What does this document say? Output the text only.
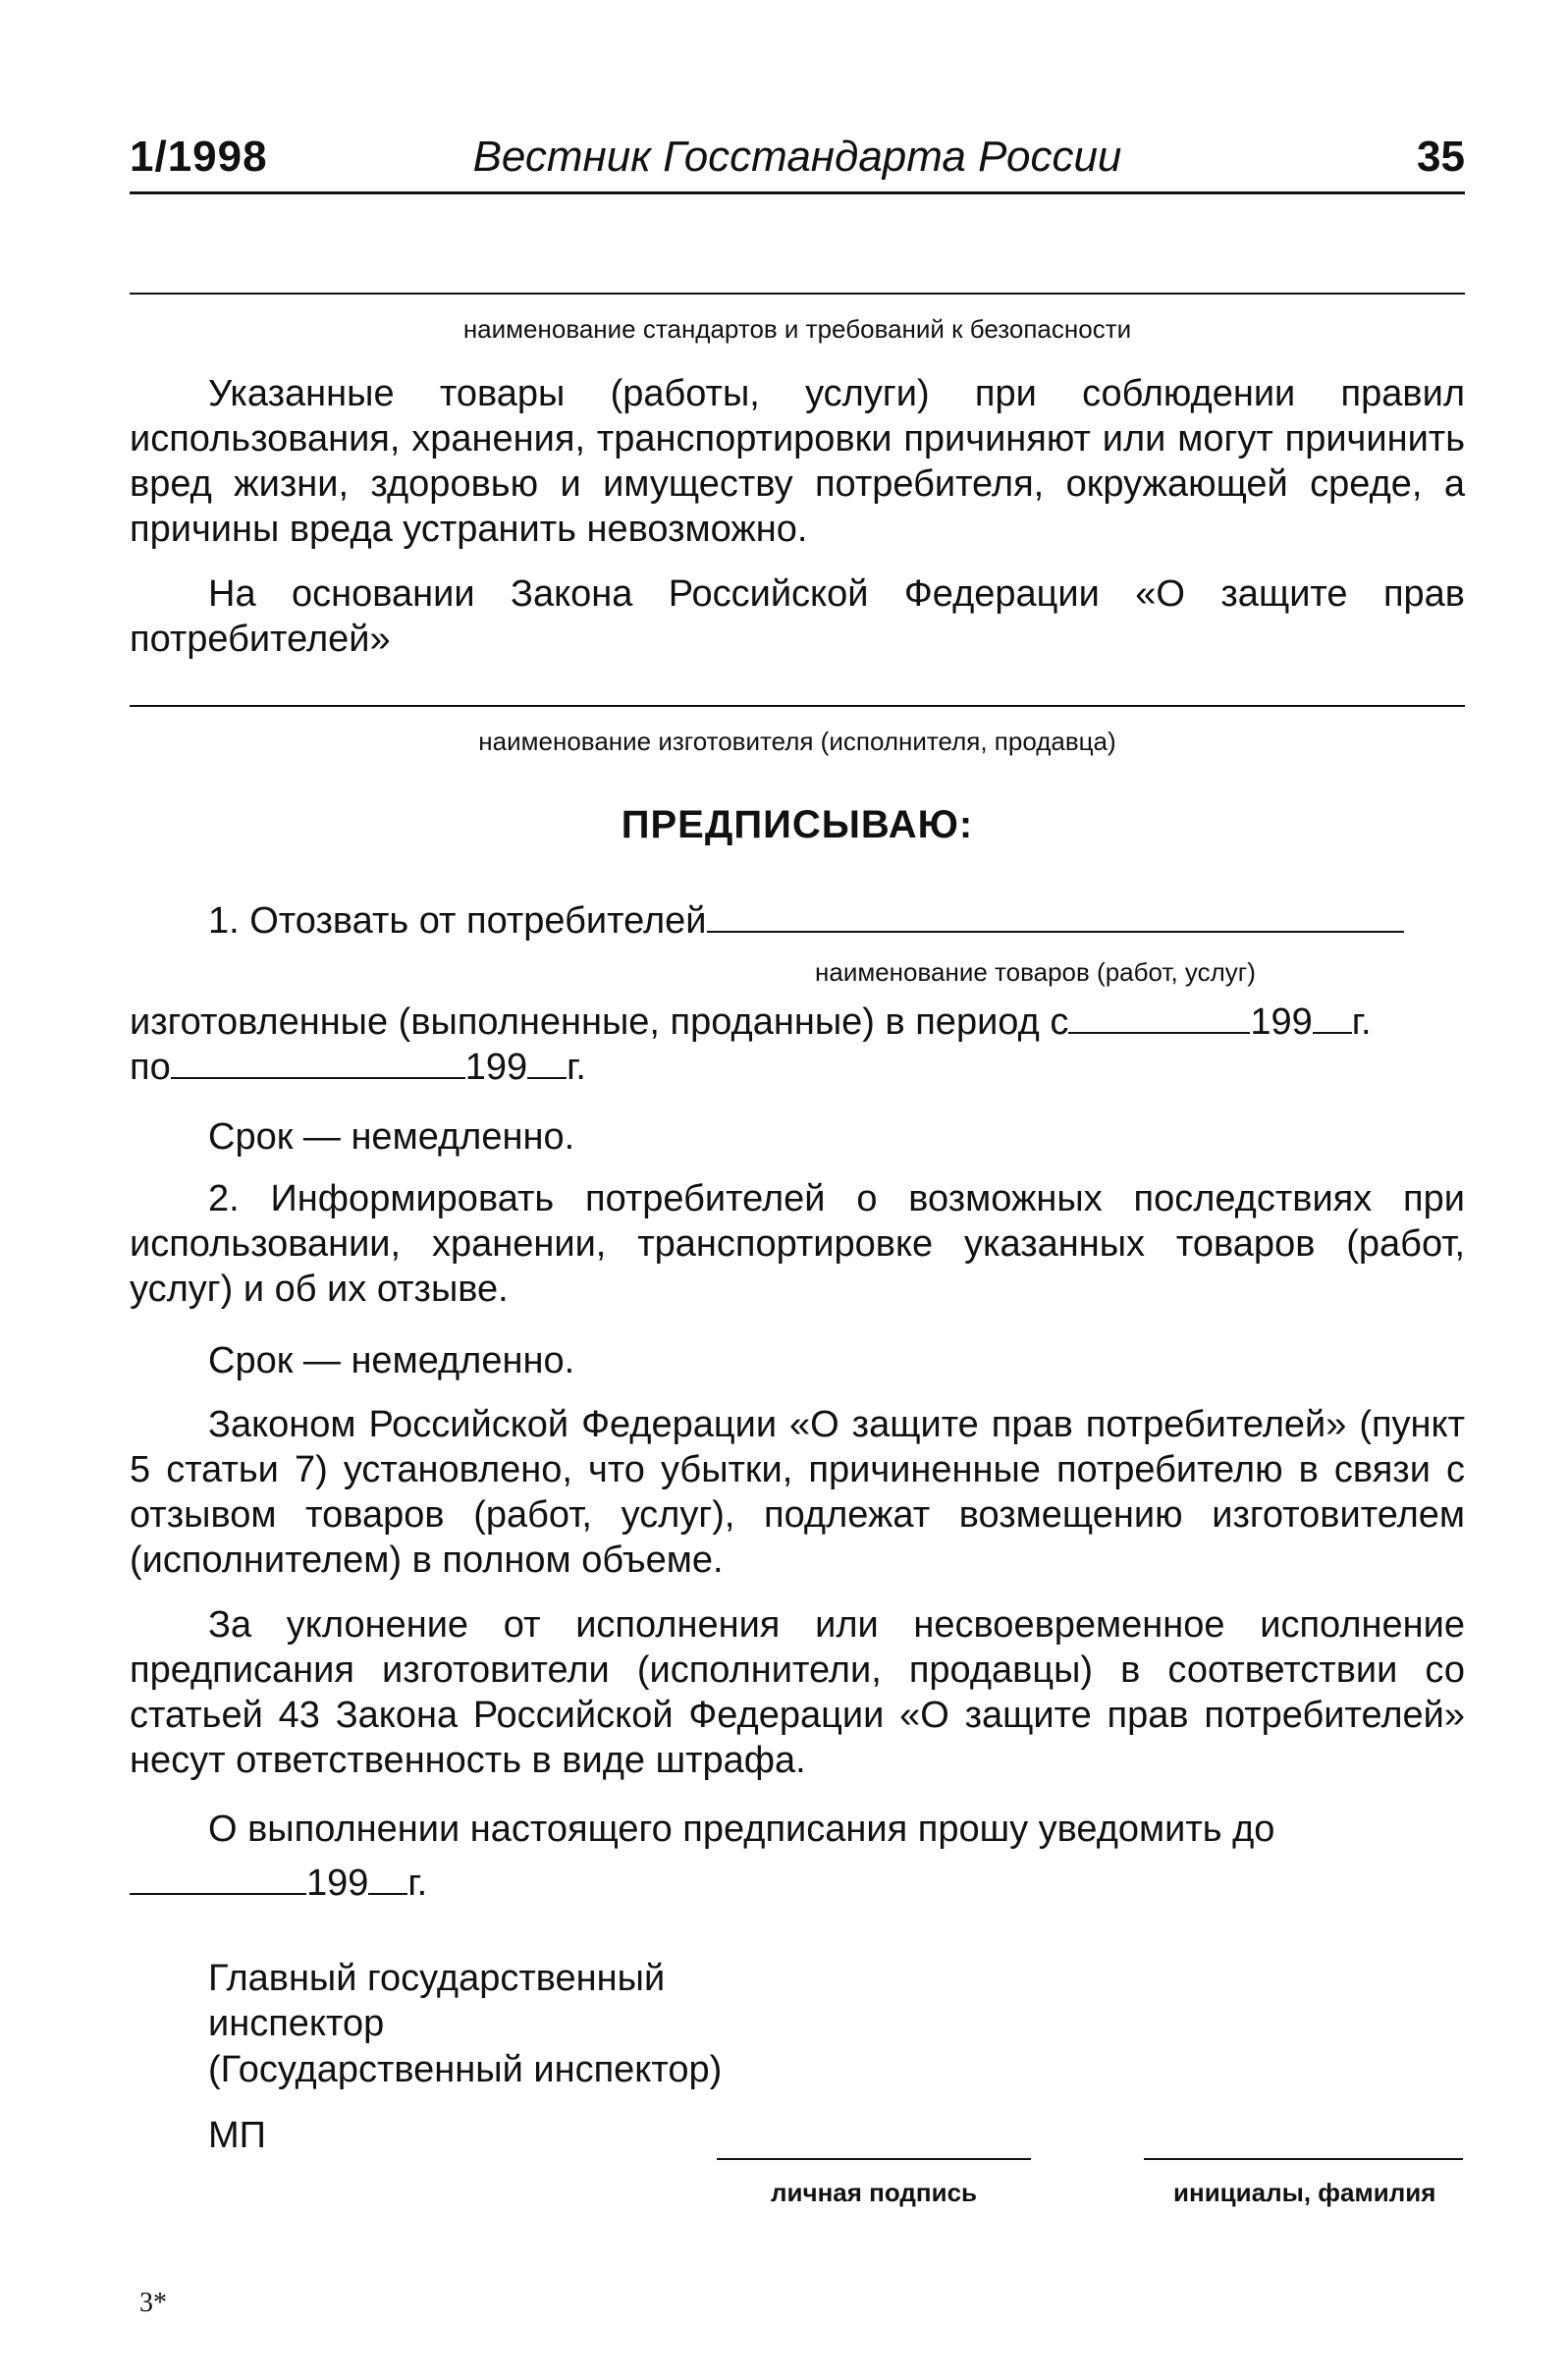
1/1998	Вестник Госстандарта России	35
наименование стандартов и требований к безопасности
Указанные товары (работы, услуги) при соблюдении правил использования, хранения, транспортировки причиняют или могут причинить вред жизни, здоровью и имуществу потребителя, окружающей среде, а причины вреда устранить невозможно.
На основании Закона Российской Федерации «О защите прав потребителей»
наименование изготовителя (исполнителя, продавца)
ПРЕДПИСЫВАЮ:
1. Отозвать от потребителей
наименование товаров (работ, услуг)
изготовленные (выполненные, проданные) в период с	199 г.
по	199 г.
Срок — немедленно.
2. Информировать потребителей о возможных последствиях при использовании, хранении, транспортировке указанных товаров (работ, услуг) и об их отзыве.
Срок — немедленно.
Законом Российской Федерации «О защите прав потребителей» (пункт 5 статьи 7) установлено, что убытки, причиненные потребителю в связи с отзывом товаров (работ, услуг), подлежат возмещению изготовителем (исполнителем) в полном объеме.
За уклонение от исполнения или несвоевременное исполнение предписания изготовители (исполнители, продавцы) в соответствии со статьей 43 Закона Российской Федерации «О защите прав потребителей» несут ответственность в виде штрафа.
О выполнении настоящего предписания прошу уведомить до
199 г.
Главный государственный
инспектор
(Государственный инспектор)
МП
личная подпись	инициалы, фамилия
3*
